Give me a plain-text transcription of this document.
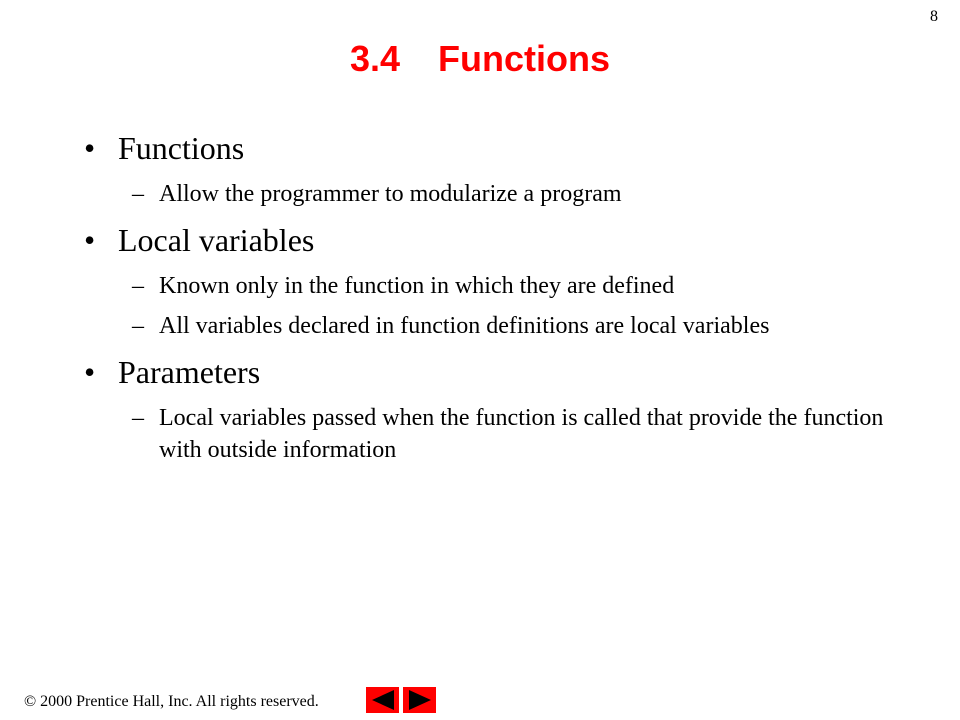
8
3.4 Functions
• Functions
– Allow the programmer to modularize a program
• Local variables
– Known only in the function in which they are defined
– All variables declared in function definitions are local variables
• Parameters
– Local variables passed when the function is called that provide the function with outside information
© 2000 Prentice Hall, Inc. All rights reserved.
